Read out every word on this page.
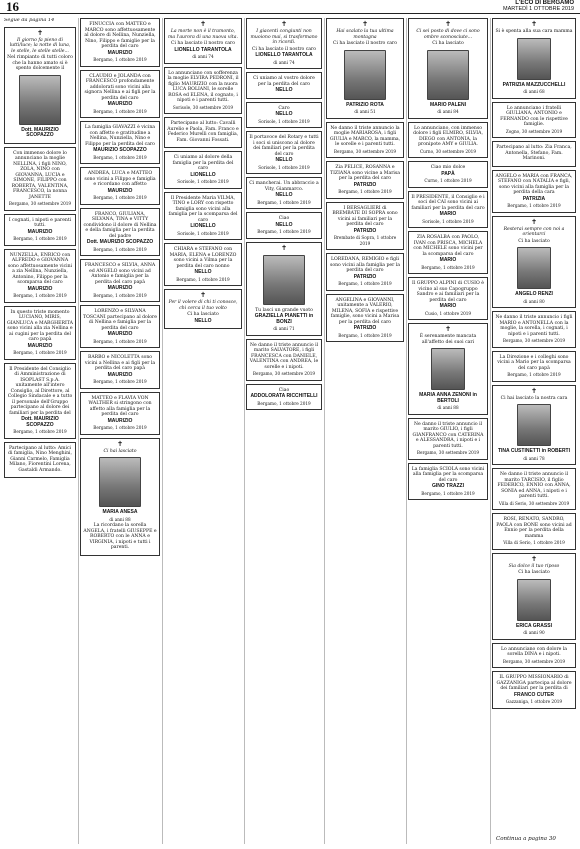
16	L'ECO DI BERGAMO
MARTEDÌ 1 OTTOBRE 2019
Segue da pagina 14
✝

Il giorno fa pieno di lutti/luce; la notte di luna, le stelle, le stelle stelle...

Nel rimpianto di tutti coloro che la hanno amato si è spento dolcemente il

Dott. MAURIZIO SCOPAZZO

Con immenso dolore lo annunciano la moglie NELLINA, i figli NINO, ZOLA, NINO con GIOVANNA, LUCIA e SIMONE, FILIPPO con ROBERTA, VALENTINA, FRANCESCO, la nonna JANETTE

Bergamo, 30 settembre 2019

I cognati, i nipoti e parenti tutti.

MAURIZIO
Bergamo, 1 ottobre 2019

NUNZELLA, ENRICO con ALFREDO e GIOVANNA sono affettuosamente vicini a zia Nellina, Nunziella, Antonino, Filippo per la scomparsa del caro

MAURIZIO
Bergamo, 1 ottobre 2019

In questo triste momento LUCIANO, MIRIS, GIANLUCA e MARGHERITA sono vicini alla zia Nellina e ai cugini per la perdita del caro papà

MAURIZIO
Bergamo, 1 ottobre 2019

Il Presidente del Consiglio di Amministrazione di ISOPLAST S.p.A. unitamente all'intero Consiglio, al Direttore, al Collegio Sindacale e a tutto il personale dell'Gruppo partecipano al dolore dei familiari per la perdita del

Dott. MAURIZIO SCOPAZZO
Bergamo, 1 ottobre 2019

Partecipano al lutto: Amici di famiglia, Nino Menghini, Gianni Carmelo, Famiglia Milano, Fiorentini Lorena, Gastaldi Armando.

FINUCCIA con MATTEO e MARCO sono affettuosamente al dolore di Nellina, Nunziella, Nino, Filippo e famiglie per la perdita del caro

MAURIZIO
Bergamo, 1 ottobre 2019

CLAUDIO e JOLANDA con FRANCESCO profondamente addolorati sono vicini alla signora Nellina e ai figli per la perdita del caro

MAURIZIO
Bergamo, 1 ottobre 2019

La famiglia GIAVAZZI è vicina con affetto e gratitudine a Nellina, Nunziella, Nino e Filippo per la perdita del caro

MAURIZIO SCOPAZZO
Bergamo, 1 ottobre 2019

ANDREA, LUCA e MATTEO sono vicini a Filippo e famiglia e ricordano con affetto

MAURIZIO
Bergamo, 1 ottobre 2019

FRANCO, GIULIANA, SILVANA, TINA e VITTY condividono il dolore di Nellina e della famiglia per la perdita del padre

Dott. MAURIZIO SCOPAZZO
Bergamo, 1 ottobre 2019

FRANCESCO e SILVIA, ANNA ed ANGELO sono vicini ad Antonio e famiglia per la perdita del caro papà

MAURIZIO
Bergamo, 1 ottobre 2019

LORENZO e SILVANA TOSCANI partecipano al dolore di Nellina e famiglia per la perdita del caro

MAURIZIO
Bergamo, 1 ottobre 2019

BARBO e NICOLETTA sono vicini a Nellina e ai figli per la perdita del caro papà

MAURIZIO
Bergamo, 1 ottobre 2019

MATTEO e FLAVIA VON WALTHER si stringono con affetto alla famiglia per la perdita del caro

MAURIZIO
Bergamo, 1 ottobre 2019
✝

Ci hai lasciato

MARIA ANESA
di anni 88

La ricordano la sorella ANGELA, i fratelli GIUSEPPE e ROBERTO con le ANNA e VIRGINIA, i nipoti e tutti i parenti.

✝

La morte non è il tramonto, ma l'aurora di una nuova vita.

Ci ha lasciato il nostro caro

LIONELLO TARANTOLA
di anni 74

Lo annunciano con sofferenza la moglie ELVIRA PEDRONI, il figlio MAURIZIO con la nuora LUCA BOLIANI, le sorelle ROSA ed ELENA, il cognato, i nipoti e i parenti tutti.

Sorisole, 30 settembre 2019

Partecipano al lutto: Cavalli Aurelio e Paola, Fam. Franco e Federico Murelli con famiglia, Fam. Giovanni Fossati.

Ci uniamo al dolore della famiglia per la perdita del caro

LIONELLO
Sorisole, 1 ottobre 2019

Il Presidente Maria VILMA, TINO e LORY con rispetto famiglia sono vicini alla famiglia per la scomparsa del caro

LIONELLO
Sorisole, 1 ottobre 2019

CHIARA e STEFANO con MARIA, ELENA e LORENZO sono vicini a Vilma per la perdita del caro nonno

NELLO
Bergamo, 1 ottobre 2019
✝

Per il volere di chi ti conosce, chi cerca il tuo volto

Ci ha lasciato

NELLO
✝

I giacenti congiunti non muoiono mai, si trasformano in ricordi.

Ci ha lasciato il nostro caro

LIONELLO TARANTOLA
di anni 74

Ci uniamo al vostro dolore per la perdita del caro

NELLO

Caro

NELLO
Sorisole, 1 ottobre 2019

Il portavoce del Rotary e tutti i soci si uniscono al dolore dei familiari per la perdita del caro

NELLO
Sorisole, 1 ottobre 2019

Ci mancherai. Un abbraccio a Vity, Gianmarco.

NELLO
Bergamo, 1 ottobre 2019

Ciao

NELLO
Bergamo, 1 ottobre 2019
✝

Tu lasci un grande vuoto

GRAZIELLA PIANETTI in BONZI
di anni 71

Ne danno il triste annuncio il marito SALVATORE, i figli FRANCESCA con DANIELE, VALENTINA con ANDREA, le sorelle e i nipoti.

Bergamo, 30 settembre 2019

Ciao

ADDOLORATA RICCHITELLI
Bergamo, 1 ottobre 2019
✝

Hai scalato la tua ultima montagna

Ci ha lasciato il nostro caro

PATRIZIO ROTA
di anni 51

Ne danno il triste annuncio la moglie MARIAROSA, i figli GIULIA e MARCO, la mamma, le sorelle e i parenti tutti.

Bergamo, 30 settembre 2019

Zia PELICE, ROSANNA e TIZIANA sono vicine a Marisa per la perdita del caro

PATRIZIO
Bergamo, 1 ottobre 2019

I BERSAGLIERI di BREMBATE DI SOPRA sono vicini ai familiari per la perdita del caro

PATRIZIO
Brembate di Sopra, 1 ottobre 2019

LOREDANA, REMIGIO e figli sono vicini alla famiglia per la perdita del caro

PATRIZIO
Bergamo, 1 ottobre 2019

ANGELINA e GIOVANNI, unitamente a VALERIO, MILENA, SOFIA e rispettive famiglie, sono vicini a Marisa per la perdita del caro

PATRIZIO
Bergamo, 1 ottobre 2019
✝

Ci sei posto di dove ci sono ombre sconosciute...

Ci ha lasciato

MARIO PALENI
di anni 84

Lo annunciano, con immenso dolore i figli ELMIRO, SILVIA, DIEGO con ANTONIA, la pronipote AMY e GIULIA.

Curno, 30 settembre 2019

Ciao mio dolce

PAPÀ
Curno, 1 ottobre 2019

Il PRESIDENTE, il Consiglio e i soci del CAI sono vicini ai familiari per la perdita del caro

MARIO
Sorisole, 1 ottobre 2019

ZIA ROSALBA con PAOLO, IVAN con PRISCA, MICHELA con MICHELE sono vicini per la scomparsa del caro

MARIO
Bergamo, 1 ottobre 2019

Il GRUPPO ALPINI di CUSIO è vicino al suo Capogruppo Sandro e ai familiari per la perdita del caro

MARIO
Cusio, 1 ottobre 2019
✝

È serenamente mancata all'affetto dei suoi cari

MARIA ANNA ZENONI in BERTOLI
di anni 88

Ne danno il triste annuncio il marito GIULIO, i figli GIANFRANCO con CATERINA e ALESSANDRA, i nipoti e i parenti tutti.

Bergamo, 30 settembre 2019

La famiglia SCIOLA sono vicini alla famiglia per la scomparsa del caro

GINO TRAZZI
Bergamo, 1 ottobre 2019
✝

Si è spenta alla sua cara mamma

PATRIZIA MAZZUCCHELLI
di anni 68

Lo annunciano i fratelli GIULIANA, ANTONIO e FERNANDO con le rispettive famiglie.

Zogno, 30 settembre 2019

Partecipano al lutto: Zia Franca, Antonella, Stefano, Fam. Marinoni.

ANGELO e MARIA con FRANCA, STEFANO con NATALIA e figli, sono vicini alla famiglia per la perdita della cara

PATRIZIA
Bergamo, 1 ottobre 2019
✝

Resterai sempre con noi a orientarci

Ci ha lasciato

ANGELO RENZI
di anni 80

Ne danno il triste annuncio i figli MARIO e ANTONELLA con la moglie, la sorella, i cognati, i nipoti e i parenti tutti.

Bergamo, 30 settembre 2019

La Direzione e i colleghi sono vicini a Mario per la scomparsa del caro papà

Bergamo, 1 ottobre 2019
✝

Ci hai lasciato la nostra cara

TINA CUSTINETTI in ROBERTI
di anni 78

Ne danno il triste annuncio il marito TARCISIO, il figlio FEDERICO, ENNIO con ANNA, SONIA ed ANNA, i nipoti e i parenti tutti.

Villa di Serio, 30 settembre 2019

ROSI, RENATO, SANDRO, PAOLA con BONE sono vicini ad Ennio per la perdita della mamma

Villa di Serio, 1 ottobre 2019
✝

Sia dolce il tuo riposo

Ci ha lasciato

ERICA GRASSI
di anni 90

Lo annunciano con dolore la sorella DINA e i nipoti.

Bergamo, 30 settembre 2019

IL GRUPPO MISSIONARIO di GAZZANIGA partecipa al dolore dei familiari per la perdita di

FRANCO CUTER
Gazzaniga, 1 ottobre 2019
Continua a pagina 30
